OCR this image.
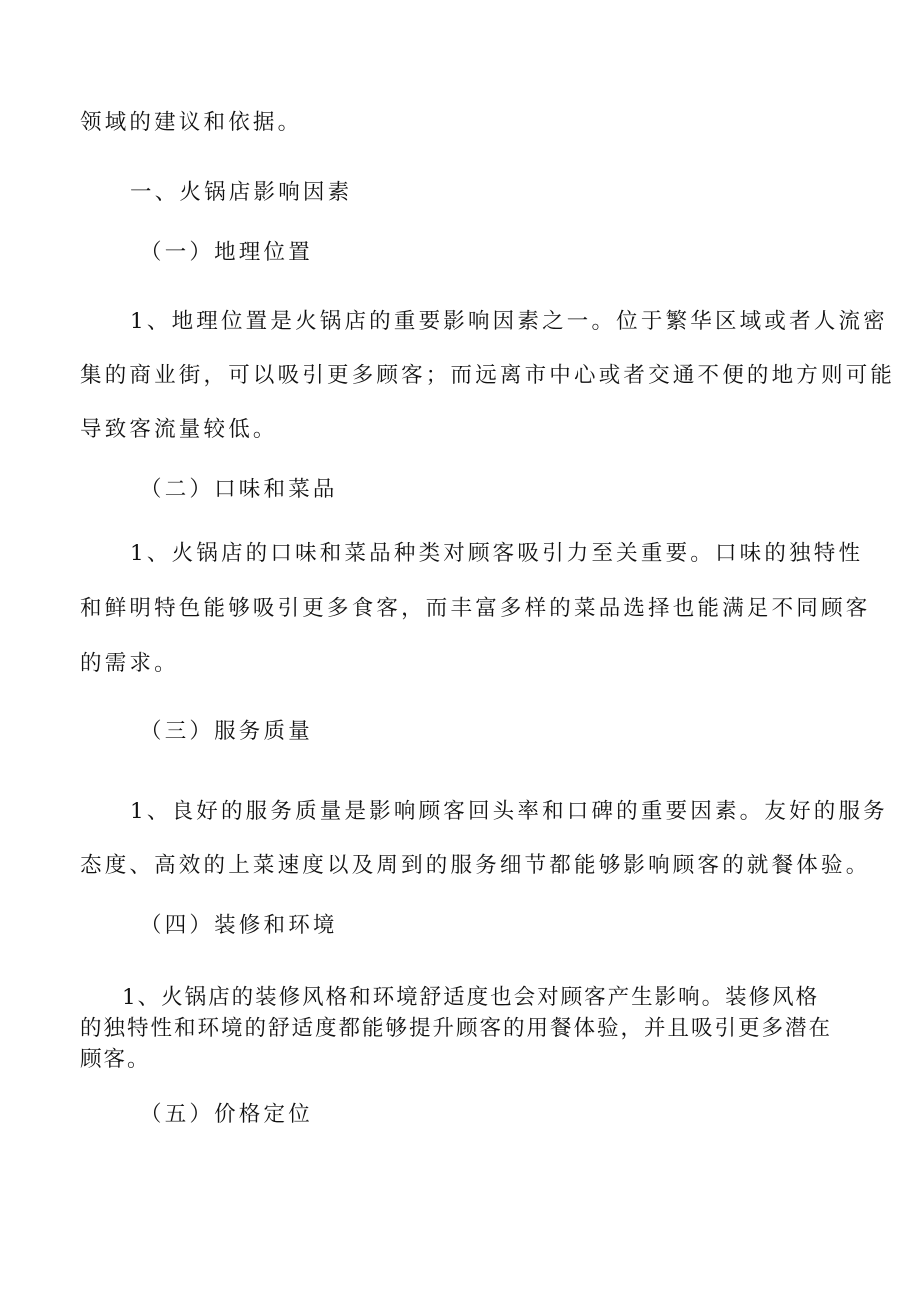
领域的建议和依据。
一、火锅店影响因素
（一）地理位置
1、地理位置是火锅店的重要影响因素之一。位于繁华区域或者人流密
集的商业街，可以吸引更多顾客；而远离市中心或者交通不便的地方则可能
导致客流量较低。
（二）口味和菜品
1、火锅店的口味和菜品种类对顾客吸引力至关重要。口味的独特性
和鲜明特色能够吸引更多食客，而丰富多样的菜品选择也能满足不同顾客
的需求。
（三）服务质量
1、良好的服务质量是影响顾客回头率和口碑的重要因素。友好的服务
态度、高效的上菜速度以及周到的服务细节都能够影响顾客的就餐体验。
（四）装修和环境
1、火锅店的装修风格和环境舒适度也会对顾客产生影响。装修风格
的独特性和环境的舒适度都能够提升顾客的用餐体验，并且吸引更多潜在
顾客。
（五）价格定位
